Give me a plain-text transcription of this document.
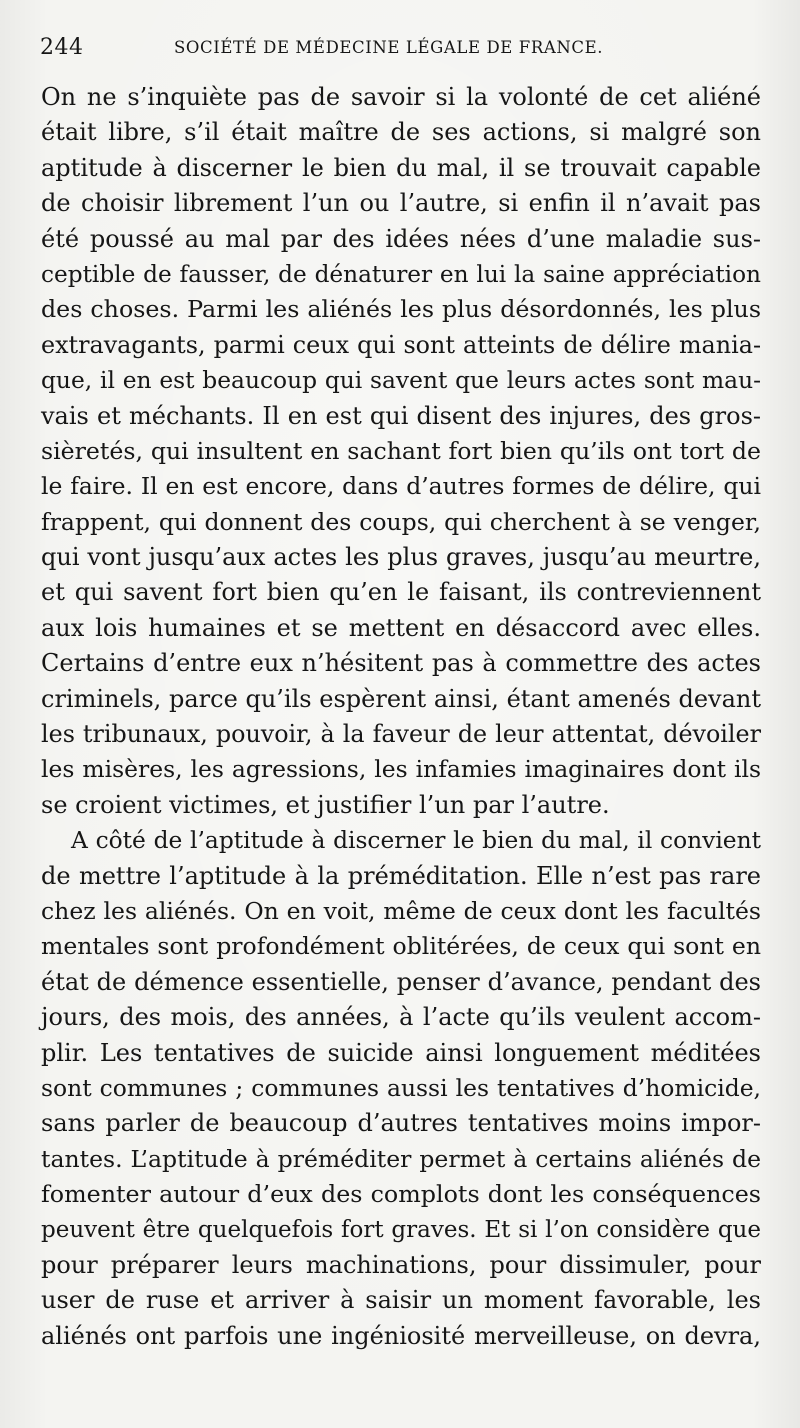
244	SOCIÉTÉ DE MÉDECINE LÉGALE DE FRANCE.
On ne s’inquiète pas de savoir si la volonté de cet aliéné
était libre, s’il était maître de ses actions, si malgré son
aptitude à discerner le bien du mal, il se trouvait capable
de choisir librement l’un ou l’autre, si enfin il n’avait pas
été poussé au mal par des idées nées d’une maladie sus-
ceptible de fausser, de dénaturer en lui la saine appréciation
des choses. Parmi les aliénés les plus désordonnés, les plus
extravagants, parmi ceux qui sont atteints de délire mania-
que, il en est beaucoup qui savent que leurs actes sont mau-
vais et méchants. Il en est qui disent des injures, des gros-
sièretés, qui insultent en sachant fort bien qu’ils ont tort de
le faire. Il en est encore, dans d’autres formes de délire, qui
frappent, qui donnent des coups, qui cherchent à se venger,
qui vont jusqu’aux actes les plus graves, jusqu’au meurtre,
et qui savent fort bien qu’en le faisant, ils contreviennent
aux lois humaines et se mettent en désaccord avec elles.
Certains d’entre eux n’hésitent pas à commettre des actes
criminels, parce qu’ils espèrent ainsi, étant amenés devant
les tribunaux, pouvoir, à la faveur de leur attentat, dévoiler
les misères, les agressions, les infamies imaginaires dont ils
se croient victimes, et justifier l’un par l’autre.
A côté de l’aptitude à discerner le bien du mal, il convient
de mettre l’aptitude à la préméditation. Elle n’est pas rare
chez les aliénés. On en voit, même de ceux dont les facultés
mentales sont profondément oblitérées, de ceux qui sont en
état de démence essentielle, penser d’avance, pendant des
jours, des mois, des années, à l’acte qu’ils veulent accom-
plir. Les tentatives de suicide ainsi longuement méditées
sont communes ; communes aussi les tentatives d’homicide,
sans parler de beaucoup d’autres tentatives moins impor-
tantes. L’aptitude à préméditer permet à certains aliénés de
fomenter autour d’eux des complots dont les conséquences
peuvent être quelquefois fort graves. Et si l’on considère que
pour préparer leurs machinations, pour dissimuler, pour
user de ruse et arriver à saisir un moment favorable, les
aliénés ont parfois une ingéniosité merveilleuse, on devra,
